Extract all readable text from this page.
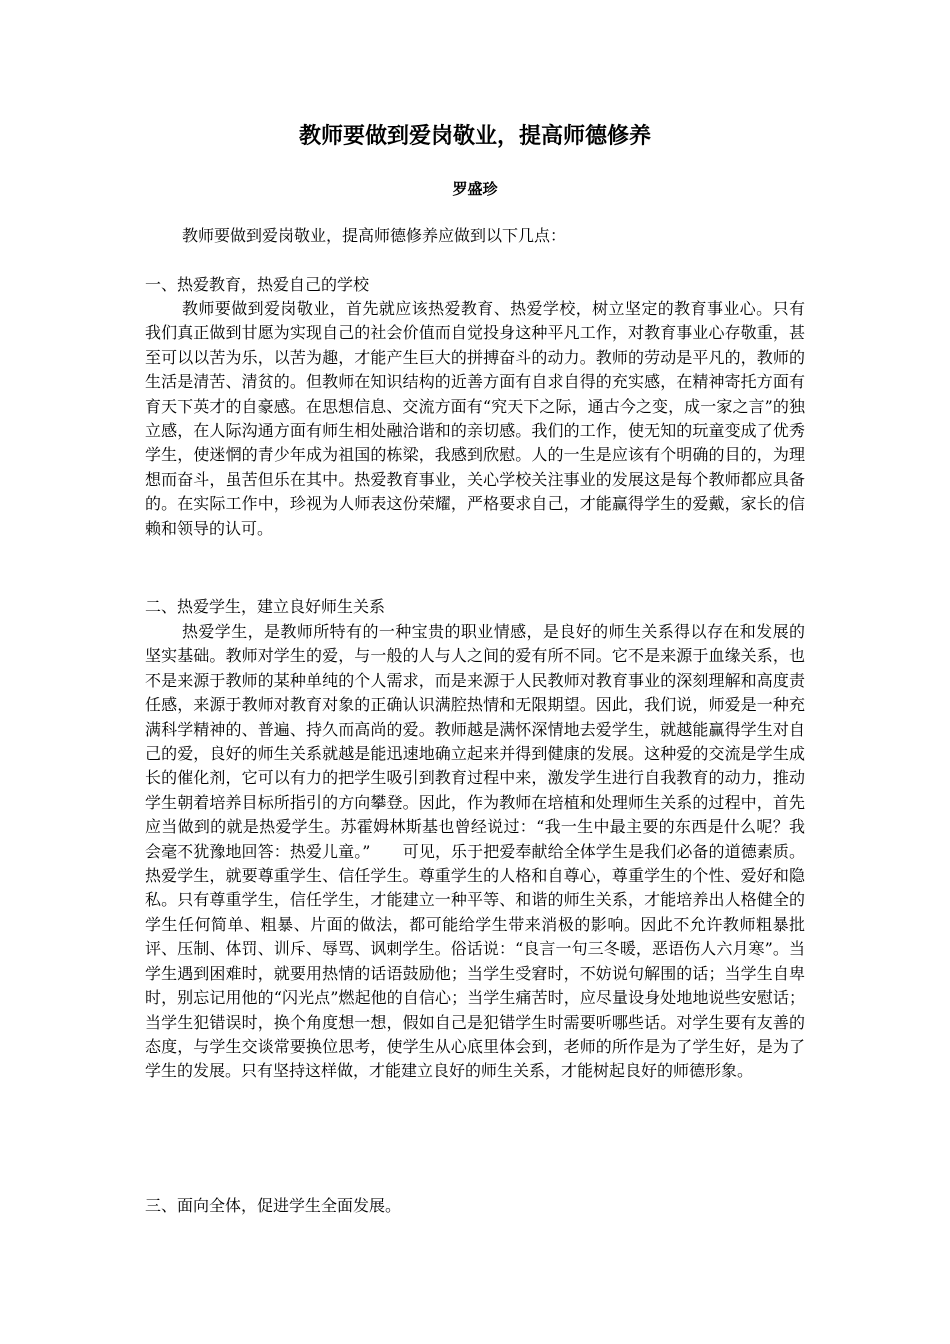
教师要做到爱岗敬业，提高师德修养
罗盛珍

教师要做到爱岗敬业，提高师德修养应做到以下几点：

一、热爱教育，热爱自己的学校

教师要做到爱岗敬业，首先就应该热爱教育、热爱学校，树立坚定的教育事业心。只有我们真正做到甘愿为实现自己的社会价值而自觉投身这种平凡工作，对教育事业心存敬重，甚至可以以苦为乐，以苦为趣，才能产生巨大的拼搏奋斗的动力。教师的劳动是平凡的，教师的生活是清苦、清贫的。但教师在知识结构的近善方面有自求自得的充实感，在精神寄托方面有育天下英才的自豪感。在思想信息、交流方面有“究天下之际，通古今之变，成一家之言”的独立感，在人际沟通方面有师生相处融洽谐和的亲切感。我们的工作，使无知的玩童变成了优秀学生，使迷惘的青少年成为祖国的栋梁，我感到欣慰。人的一生是应该有个明确的目的，为理想而奋斗，虽苦但乐在其中。热爱教育事业，关心学校关注事业的发展这是每个教师都应具备的。在实际工作中，珍视为人师表这份荣耀，严格要求自己，才能赢得学生的爱戴，家长的信赖和领导的认可。

二、热爱学生，建立良好师生关系

热爱学生，是教师所特有的一种宝贵的职业情感，是良好的师生关系得以存在和发展的坚实基础。教师对学生的爱，与一般的人与人之间的爱有所不同。它不是来源于血缘关系，也不是来源于教师的某种单纯的个人需求，而是来源于人民教师对教育事业的深刻理解和高度责任感，来源于教师对教育对象的正确认识满腔热情和无限期望。因此，我们说，师爱是一种充满科学精神的、普遍、持久而高尚的爱。教师越是满怀深情地去爱学生，就越能赢得学生对自己的爱，良好的师生关系就越是能迅速地确立起来并得到健康的发展。这种爱的交流是学生成长的催化剂，它可以有力的把学生吸引到教育过程中来，激发学生进行自我教育的动力，推动学生朝着培养目标所指引的方向攀登。因此，作为教师在培植和处理师生关系的过程中，首先应当做到的就是热爱学生。苏霍姆林斯基也曾经说过：“我一生中最主要的东西是什么呢？我会毫不犹豫地回答：热爱儿童。”　　可见，乐于把爱奉献给全体学生是我们必备的道德素质。热爱学生，就要尊重学生、信任学生。尊重学生的人格和自尊心，尊重学生的个性、爱好和隐私。只有尊重学生，信任学生，才能建立一种平等、和谐的师生关系，才能培养出人格健全的学生任何简单、粗暴、片面的做法，都可能给学生带来消极的影响。因此不允许教师粗暴批评、压制、体罚、训斥、辱骂、讽刺学生。俗话说：“良言一句三冬暖，恶语伤人六月寒”。当学生遇到困难时，就要用热情的话语鼓励他；当学生受窘时，不妨说句解围的话；当学生自卑时，别忘记用他的“闪光点”燃起他的自信心；当学生痛苦时，应尽量设身处地地说些安慰话；当学生犯错误时，换个角度想一想，假如自己是犯错学生时需要听哪些话。对学生要有友善的态度，与学生交谈常要换位思考，使学生从心底里体会到，老师的所作是为了学生好，是为了学生的发展。只有坚持这样做，才能建立良好的师生关系，才能树起良好的师德形象。

三、面向全体，促进学生全面发展。
